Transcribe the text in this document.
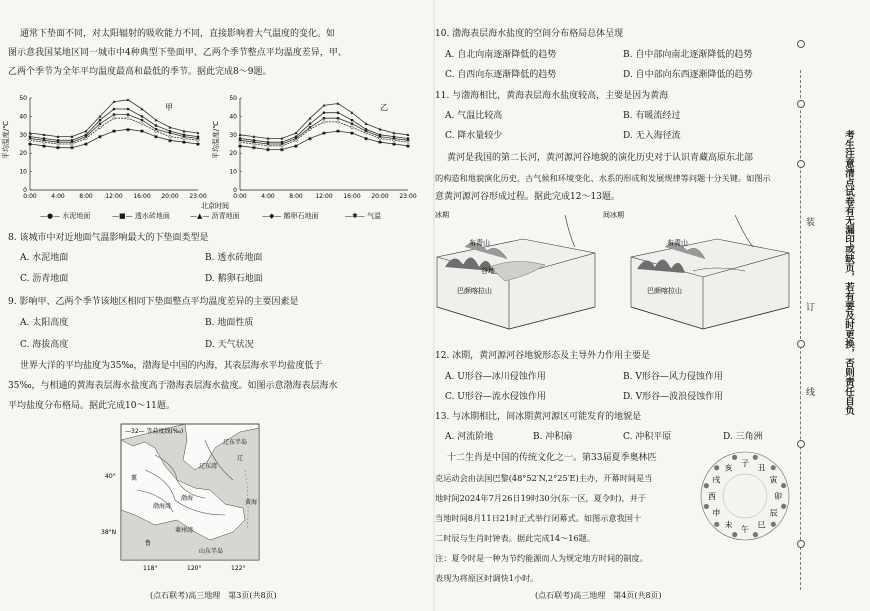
通常下垫面不同，对太阳辐射的吸收能力不同，直接影响着大气温度的变化。如
图示意我国某地区同一城市中4种典型下垫面甲、乙两个季节整点平均温度差异，甲、
乙两个季节为全年平均温度最高和最低的季节。据此完成8～9题。
平均温度/℃	平均温度/℃
甲	乙
0
10
20
30
40
50
0:00 4:00 8:00 12:00 16:00 20:00 23:00
✱ ✱ ✱ ✱
✱
✱
✱ ✱ ✱
✱
✱ ✱ ✱
0
10
20
30
40
50
0:00 4:00 8:00 12:00 16:00 20:00 23:00
✱ ✱ ✱ ✱
✱
✱
✱ ✱ ✱
✱
✱ ✱ ✱
北京时间
—●— 水泥地面	—■— 透水砖地面	—▲— 沥青地面	—◆— 鹅卵石地面	—✱— 气温
8. 该城市中对近地面气温影响最大的下垫面类型是
A. 水泥地面	B. 透水砖地面
C. 沥青地面	D. 鹅卵石地面
9. 影响甲、乙两个季节该地区相同下垫面整点平均温度差异的主要因素是
A. 太阳高度	B. 地面性质
C. 海拔高度	D. 天气状况
世界大洋的平均盐度为35‰，渤海是中国的内海，其表层海水平均盐度低于
35‰，与相通的黄海表层海水盐度高于渤海表层海水盐度。如图示意渤海表层海水
平均盐度分布格局。据此完成10～11题。
—32— 等盐度线(‰)
辽东半岛
辽东湾
渤海湾
莱州湾
山东半岛
黄海
渤海
辽
冀
鲁
40°
38°N
118°	120°	122°
(点石联考)高三地理　第3页(共8页)
10. 渤海表层海水盐度的空间分布格局总体呈现
A. 自北向南逐渐降低的趋势	B. 自中部向南北逐渐降低的趋势
C. 自西向东逐渐降低的趋势	D. 自中部向东西逐渐降低的趋势
11. 与渤海相比，黄海表层海水盐度较高，主要是因为黄海
A. 气温比较高	B. 有暖流经过
C. 降水量较少	D. 无入海径流
黄河是我国的第二长河，黄河源河谷地貌的演化历史对于认识青藏高原东北部
的构造和地貌演化历史、古气候和环境变化、水系的形成和发展规律等问题十分关键。如图示
意黄河源河谷形成过程。据此完成12～13题。
冰期	间冰期
布青山
谷地
巴颜喀拉山
布青山
巴颜喀拉山
12. 冰期，黄河源河谷地貌形态及主导外力作用主要是
A. U形谷—冰川侵蚀作用	B. V形谷—风力侵蚀作用
C. U形谷—流水侵蚀作用	D. V形谷—波浪侵蚀作用
13. 与冰期相比，间冰期黄河源区可能发育的地貌是
A. 河流阶地	B. 冲积扇	C. 冲积平原	D. 三角洲
十二生肖是中国的传统文化之一。第33届夏季奥林匹
克运动会由法国巴黎(48°52′N,2°25′E)主办，开幕时间是当
地时间2024年7月26日19时30分(东一区，夏令时)，并于
当地时间8月11日21时正式举行闭幕式。如图示意我国十
二时辰与生肖时钟表。据此完成14～16题。
子 丑
寅
卯
辰
巳
午
未
申
酉
戌
亥
注：夏令时是一种为节约能源而人为规定地方时间的制度。
表现为将原区时调快1小时。
(点石联考)高三地理　第4页(共8页)
装
订
线	考生注意清点试卷有无漏印或缺页，若有要及时更换，否则责任自负
